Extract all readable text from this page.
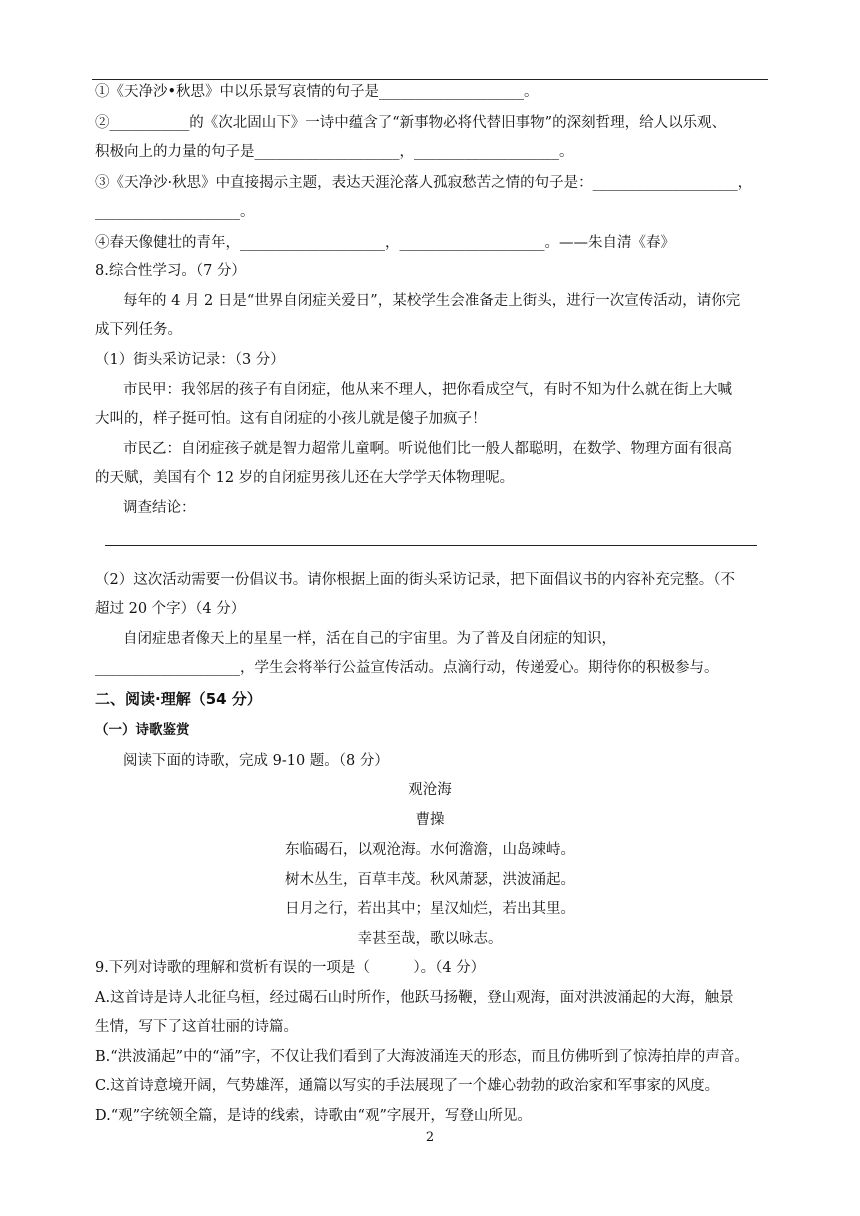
①《天净沙•秋思》中以乐景写哀情的句子是____________________。
②___________的《次北固山下》一诗中蕴含了“新事物必将代替旧事物”的深刻哲理，给人以乐观、
积极向上的力量的句子是____________________，____________________。
③《天净沙·秋思》中直接揭示主题，表达天涯沦落人孤寂愁苦之情的句子是：____________________，
____________________。
④春天像健壮的青年，____________________，____________________。——朱自清《春》
8.综合性学习。（7 分）
每年的 4 月 2 日是“世界自闭症关爱日”，某校学生会准备走上街头，进行一次宣传活动，请你完
成下列任务。
（1）街头采访记录：（3 分）
市民甲：我邻居的孩子有自闭症，他从来不理人，把你看成空气，有时不知为什么就在街上大喊
大叫的，样子挺可怕。这有自闭症的小孩儿就是傻子加疯子！
市民乙：自闭症孩子就是智力超常儿童啊。听说他们比一般人都聪明，在数学、物理方面有很高
的天赋，美国有个 12 岁的自闭症男孩儿还在大学学天体物理呢。
调查结论：
（2）这次活动需要一份倡议书。请你根据上面的街头采访记录，把下面倡议书的内容补充完整。（不
超过 20 个字）（4 分）
自闭症患者像天上的星星一样，活在自己的宇宙里。为了普及自闭症的知识，
____________________，学生会将举行公益宣传活动。点滴行动，传递爱心。期待你的积极参与。
二、阅读·理解（54 分）
（一）诗歌鉴赏
阅读下面的诗歌，完成 9-10 题。（8 分）
观沧海
曹操
东临碣石，以观沧海。水何澹澹，山岛竦峙。
树木丛生，百草丰茂。秋风萧瑟，洪波涌起。
日月之行，若出其中；星汉灿烂，若出其里。
幸甚至哉，歌以咏志。
9.下列对诗歌的理解和赏析有误的一项是（　　　）。（4 分）
A.这首诗是诗人北征乌桓，经过碣石山时所作，他跃马扬鞭，登山观海，面对洪波涌起的大海，触景
生情，写下了这首壮丽的诗篇。
B.“洪波涌起”中的“涌”字，不仅让我们看到了大海波涌连天的形态，而且仿佛听到了惊涛拍岸的声音。
C.这首诗意境开阔，气势雄浑，通篇以写实的手法展现了一个雄心勃勃的政治家和军事家的风度。
D.“观”字统领全篇，是诗的线索，诗歌由“观”字展开，写登山所见。
2
